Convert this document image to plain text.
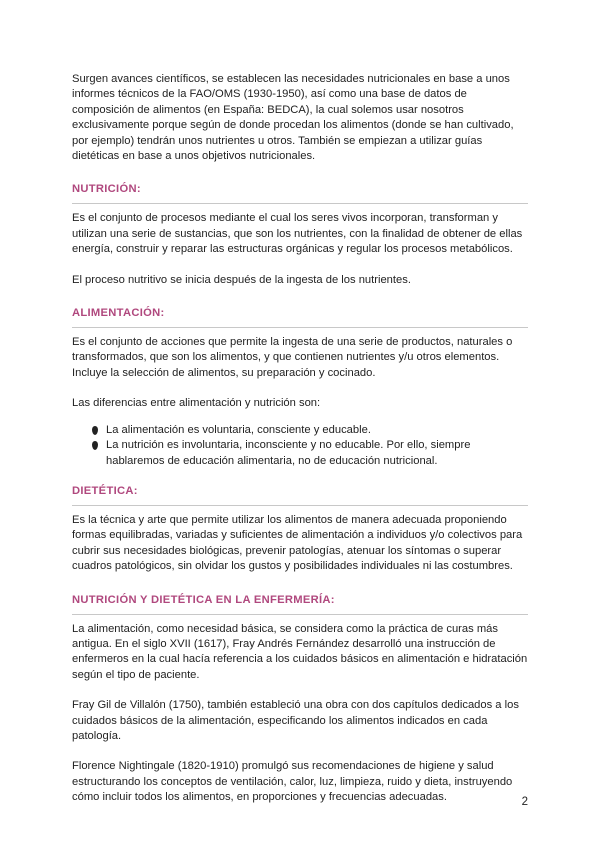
Surgen avances científicos, se establecen las necesidades nutricionales en base a unos informes técnicos de la FAO/OMS (1930-1950), así como una base de datos de composición de alimentos (en España: BEDCA), la cual solemos usar nosotros exclusivamente porque según de donde procedan los alimentos (donde se han cultivado, por ejemplo) tendrán unos nutrientes u otros. También se empiezan a utilizar guías dietéticas en base a unos objetivos nutricionales.

NUTRICIÓN:

Es el conjunto de procesos mediante el cual los seres vivos incorporan, transforman y utilizan una serie de sustancias, que son los nutrientes, con la finalidad de obtener de ellas energía, construir y reparar las estructuras orgánicas y regular los procesos metabólicos.

El proceso nutritivo se inicia después de la ingesta de los nutrientes.

ALIMENTACIÓN:

Es el conjunto de acciones que permite la ingesta de una serie de productos, naturales o transformados, que son los alimentos, y que contienen nutrientes y/u otros elementos. Incluye la selección de alimentos, su preparación y cocinado.

Las diferencias entre alimentación y nutrición son:

La alimentación es voluntaria, consciente y educable.
La nutrición es involuntaria, inconsciente y no educable. Por ello, siempre hablaremos de educación alimentaria, no de educación nutricional.
DIETÉTICA:

Es la técnica y arte que permite utilizar los alimentos de manera adecuada proponiendo formas equilibradas, variadas y suficientes de alimentación a individuos y/o colectivos para cubrir sus necesidades biológicas, prevenir patologías, atenuar los síntomas o superar cuadros patológicos, sin olvidar los gustos y posibilidades individuales ni las costumbres.

NUTRICIÓN Y DIETÉTICA EN LA ENFERMERÍA:

La alimentación, como necesidad básica, se considera como la práctica de curas más antigua. En el siglo XVII (1617), Fray Andrés Fernández desarrolló una instrucción de enfermeros en la cual hacía referencia a los cuidados básicos en alimentación e hidratación según el tipo de paciente.

Fray Gil de Villalón (1750), también estableció una obra con dos capítulos dedicados a los cuidados básicos de la alimentación, especificando los alimentos indicados en cada patología.

Florence Nightingale (1820-1910) promulgó sus recomendaciones de higiene y salud estructurando los conceptos de ventilación, calor, luz, limpieza, ruido y dieta, instruyendo cómo incluir todos los alimentos, en proporciones y frecuencias adecuadas.	2
